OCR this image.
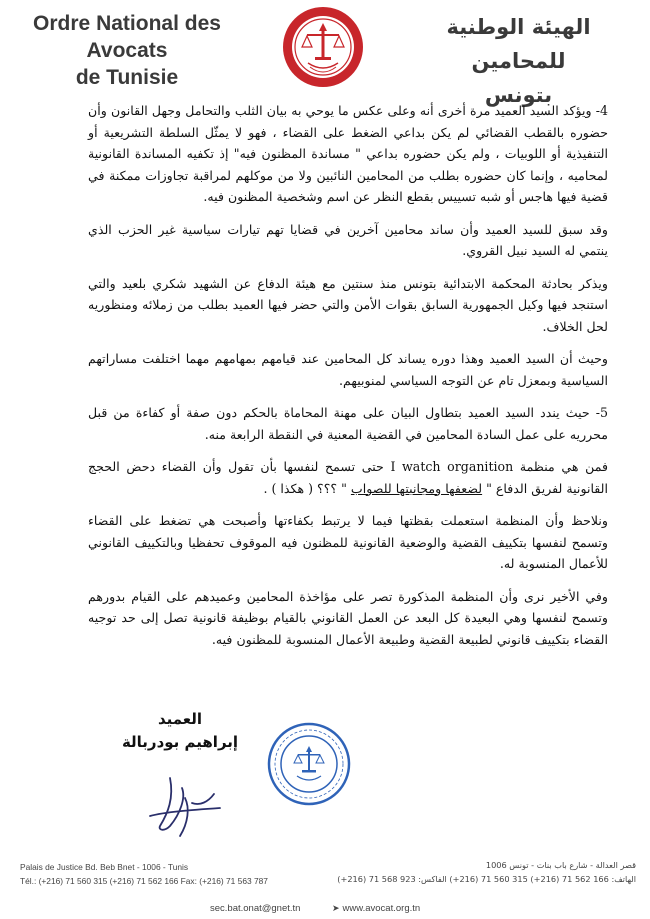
Ordre National des Avocats
de Tunisie
الهيئة الوطنية للمحامين
بتونس

4- ويؤكد السيد العميد مرة أخرى أنه وعلى عكس ما يوحي به بيان الثلب والتحامل وجهل القانون وأن حضوره بالقطب القضائي لم يكن بداعي الضغط على القضاء ، فهو لا يمثّل السلطة التشريعية أو التنفيذية أو اللوبيات ، ولم يكن حضوره بداعي " مساندة المظنون فيه" إذ تكفيه المساندة القانونية لمحاميه ، وإنما كان حضوره بطلب من المحامين النائبين ولا من موكلهم لمراقبة تجاوزات ممكنة في قضية فيها هاجس أو شبه تسييس بقطع النظر عن اسم وشخصية المظنون فيه.

وقد سبق للسيد العميد وأن ساند محامين آخرين في قضايا تهم تيارات سياسية غير الحزب الذي ينتمي له السيد نبيل القروي.

ويذكر بحادثة المحكمة الابتدائية بتونس منذ سنتين مع هيئة الدفاع عن الشهيد شكري بلعيد والتي استنجد فيها وكيل الجمهورية السابق بقوات الأمن والتي حضر فيها العميد بطلب من زملائه ومنظوريه لحل الخلاف.

وحيث أن السيد العميد وهذا دوره يساند كل المحامين عند قيامهم بمهامهم مهما اختلفت مساراتهم السياسية وبمعزل تام عن التوجه السياسي لمنوبيهم.

5- حيث يندد السيد العميد بتطاول البيان على مهنة المحاماة بالحكم دون صفة أو كفاءة من قبل محرريه على عمل السادة المحامين في القضية المعنية في النقطة الرابعة منه.

فمن هي منظمة I watch organition حتى تسمح لنفسها بأن تقول وأن القضاء دحض الحجج القانونية لفريق الدفاع " لضعفها ومجانبتها للصواب " ؟؟؟ ( هكذا ) .

ونلاحظ وأن المنظمة استعملت بقظتها فيما لا يرتبط بكفاءتها وأصبحت هي تضغط على القضاء وتسمح لنفسها بتكييف القضية والوضعية القانونية للمظنون فيه الموقوف تحفظيا وبالتكييف القانوني للأعمال المنسوبة له.

وفي الأخير نرى وأن المنظمة المذكورة تصر على مؤاخذة المحامين وعميدهم على القيام بدورهم وتسمح لنفسها وهي البعيدة كل البعد عن العمل القانوني بالقيام بوظيفة قانونية تصل إلى حد توجيه القضاء بتكييف قانوني لطبيعة القضية وطبيعة الأعمال المنسوبة للمظنون فيه.

العميد
إبراهيم بودربالة
Palais de Justice Bd. Beb Bnet - 1006 - Tunis
Tél.: (+216) 71 560 315 (+216) 71 562 166 Fax: (+216) 71 563 787
قصر العدالة - شارع باب بنات - تونس 1006
الهاتف: 166 562 71 (216+) 315 560 71 (216+) الفاكس: 923 568 71 (216+)
sec.bat.onat@gnet.tn	➤ www.avocat.org.tn
